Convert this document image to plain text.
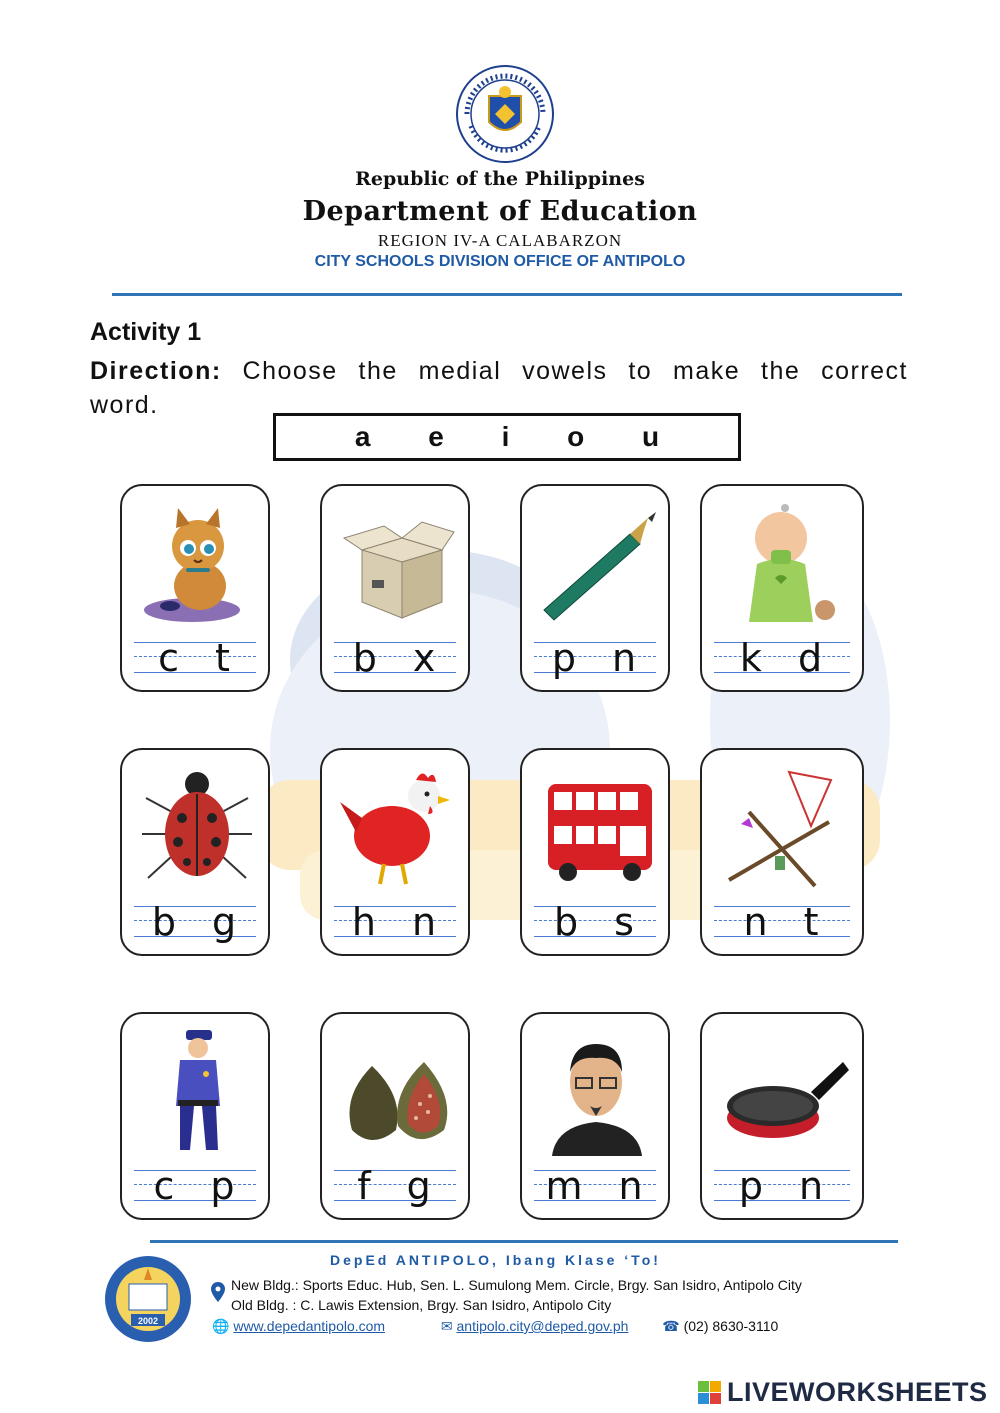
Republic of the Philippines
Department of Education
REGION IV-A CALABARZON
CITY SCHOOLS DIVISION OFFICE OF ANTIPOLO
Activity 1
Direction: Choose the medial vowels to make the correct word.
a e i o u
c t	b x	p n	k d
b g	h n	b s	n t
c p	f g	m n	p n
2002
DepEd ANTIPOLO, Ibang Klase ‘To!
New Bldg.: Sports Educ. Hub, Sen. L. Sumulong Mem. Circle, Brgy. San Isidro, Antipolo City
Old Bldg. : C. Lawis Extension, Brgy. San Isidro, Antipolo City
🌐 www.depedantipolo.com	✉ antipolo.city@deped.gov.ph ☎ (02) 8630-3110
LIVEWORKSHEETS
